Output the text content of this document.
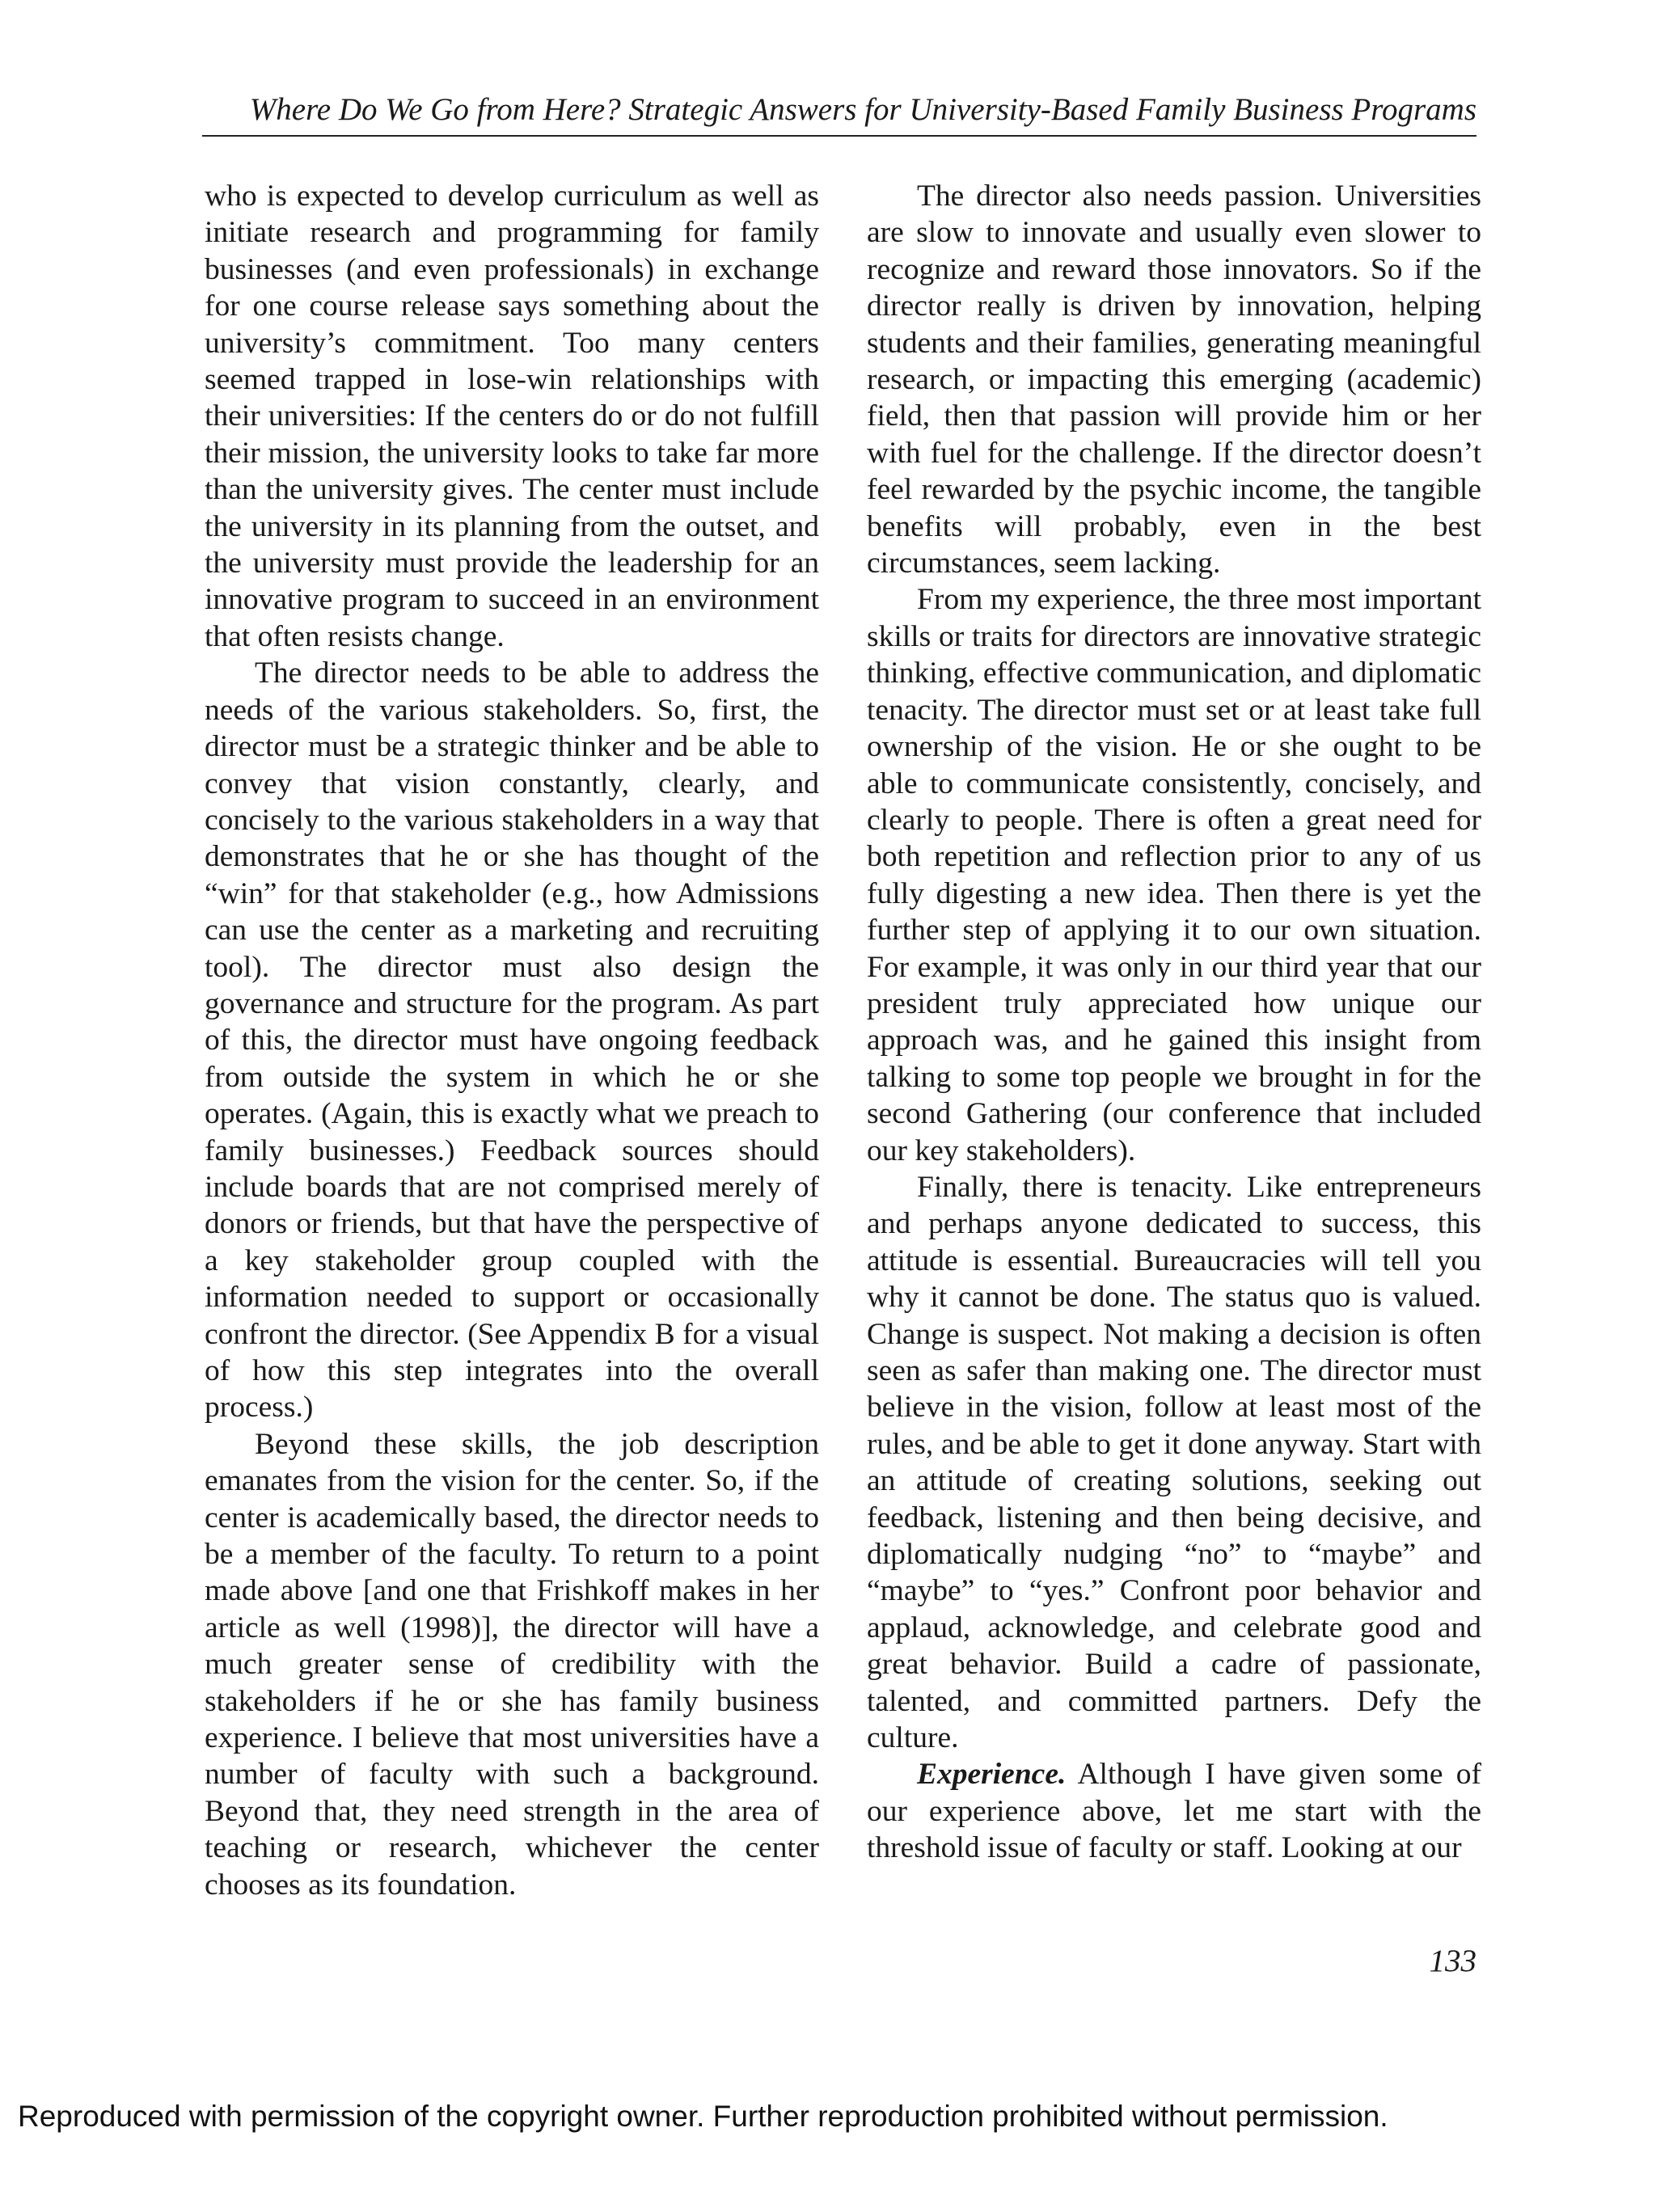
Where Do We Go from Here? Strategic Answers for University-Based Family Business Programs

who is expected to develop curriculum as well as initiate research and programming for family businesses (and even professionals) in exchange for one course release says something about the university’s commitment. Too many centers seemed trapped in lose-win relationships with their universities: If the centers do or do not fulfill their mission, the university looks to take far more than the university gives. The center must include the university in its planning from the outset, and the university must provide the leadership for an innovative program to succeed in an environment that often resists change.

The director needs to be able to address the needs of the various stakeholders. So, first, the director must be a strategic thinker and be able to convey that vision constantly, clearly, and concisely to the various stakeholders in a way that demonstrates that he or she has thought of the “win” for that stakeholder (e.g., how Admissions can use the center as a marketing and recruiting tool). The director must also design the governance and structure for the program. As part of this, the director must have ongoing feedback from outside the system in which he or she operates. (Again, this is exactly what we preach to family businesses.) Feedback sources should include boards that are not comprised merely of donors or friends, but that have the perspective of a key stakeholder group coupled with the information needed to support or occasionally confront the director. (See Appendix B for a visual of how this step integrates into the overall process.)

Beyond these skills, the job description emanates from the vision for the center. So, if the center is academically based, the director needs to be a member of the faculty. To return to a point made above [and one that Frishkoff makes in her article as well (1998)], the director will have a much greater sense of credibility with the stakeholders if he or she has family business experience. I believe that most universities have a number of faculty with such a background. Beyond that, they need strength in the area of teaching or research, whichever the center chooses as its foundation.

The director also needs passion. Universities are slow to innovate and usually even slower to recognize and reward those innovators. So if the director really is driven by innovation, helping students and their families, generating meaningful research, or impacting this emerging (academic) field, then that passion will provide him or her with fuel for the challenge. If the director doesn’t feel rewarded by the psychic income, the tangible benefits will probably, even in the best circumstances, seem lacking.

From my experience, the three most important skills or traits for directors are innovative strategic thinking, effective communication, and diplomatic tenacity. The director must set or at least take full ownership of the vision. He or she ought to be able to communicate consistently, concisely, and clearly to people. There is often a great need for both repetition and reflection prior to any of us fully digesting a new idea. Then there is yet the further step of applying it to our own situation. For example, it was only in our third year that our president truly appreciated how unique our approach was, and he gained this insight from talking to some top people we brought in for the second Gathering (our conference that included our key stakeholders).

Finally, there is tenacity. Like entrepreneurs and perhaps anyone dedicated to success, this attitude is essential. Bureaucracies will tell you why it cannot be done. The status quo is valued. Change is suspect. Not making a decision is often seen as safer than making one. The director must believe in the vision, follow at least most of the rules, and be able to get it done anyway. Start with an attitude of creating solutions, seeking out feedback, listening and then being decisive, and diplomatically nudging “no” to “maybe” and “maybe” to “yes.” Confront poor behavior and applaud, acknowledge, and celebrate good and great behavior. Build a cadre of passionate, talented, and committed partners. Defy the culture.

Experience. Although I have given some of our experience above, let me start with the threshold issue of faculty or staff. Looking at our

133
Reproduced with permission of the copyright owner. Further reproduction prohibited without permission.
